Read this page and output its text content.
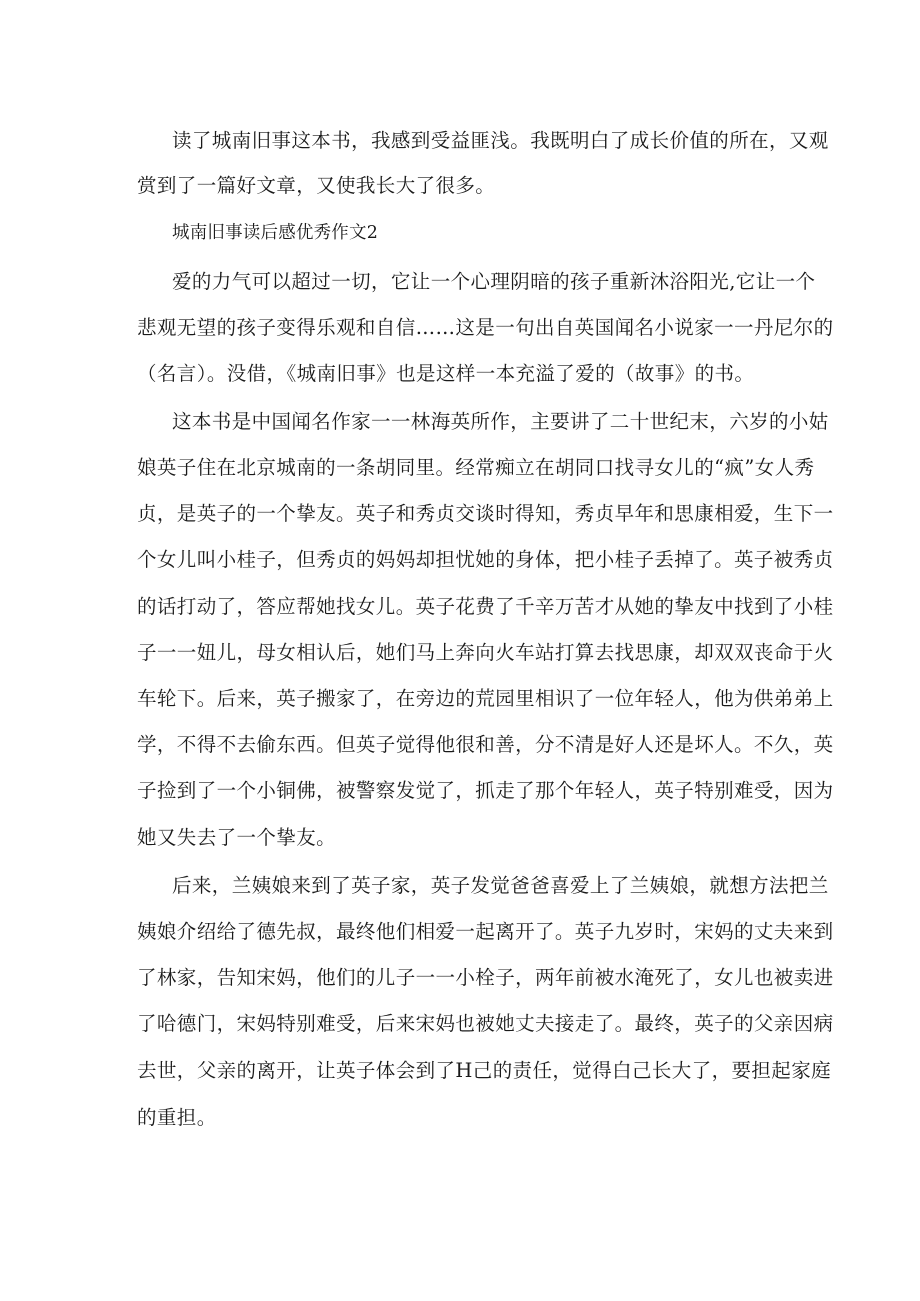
读了城南旧事这本书，我感到受益匪浅。我既明白了成长价值的所在，又观
赏到了一篇好文章，又使我长大了很多。
城南旧事读后感优秀作文2
爱的力气可以超过一切，它让一个心理阴暗的孩子重新沐浴阳光,它让一个
悲观无望的孩子变得乐观和自信……这是一句出自英国闻名小说家一一丹尼尔的
（名言）。没借，《城南旧事》也是这样一本充溢了爱的（故事》的书。
这本书是中国闻名作家一一林海英所作，主要讲了二十世纪末，六岁的小姑
娘英子住在北京城南的一条胡同里。经常痴立在胡同口找寻女儿的“疯”女人秀
贞，是英子的一个挚友。英子和秀贞交谈时得知，秀贞早年和思康相爱，生下一
个女儿叫小桂子，但秀贞的妈妈却担忧她的身体，把小桂子丢掉了。英子被秀贞
的话打动了，答应帮她找女儿。英子花费了千辛万苦才从她的挚友中找到了小桂
子一一妞儿，母女相认后，她们马上奔向火车站打算去找思康，却双双丧命于火
车轮下。后来，英子搬家了，在旁边的荒园里相识了一位年轻人，他为供弟弟上
学，不得不去偷东西。但英子觉得他很和善，分不清是好人还是坏人。不久，英
子捡到了一个小铜佛，被警察发觉了，抓走了那个年轻人，英子特别难受，因为
她又失去了一个挚友。
后来，兰姨娘来到了英子家，英子发觉爸爸喜爱上了兰姨娘，就想方法把兰
姨娘介绍给了德先叔，最终他们相爱一起离开了。英子九岁时，宋妈的丈夫来到
了林家，告知宋妈，他们的儿子一一小栓子，两年前被水淹死了，女儿也被卖进
了哈德门，宋妈特别难受，后来宋妈也被她丈夫接走了。最终，英子的父亲因病
去世，父亲的离开，让英子体会到了H己的责任，觉得白己长大了，要担起家庭
的重担。
